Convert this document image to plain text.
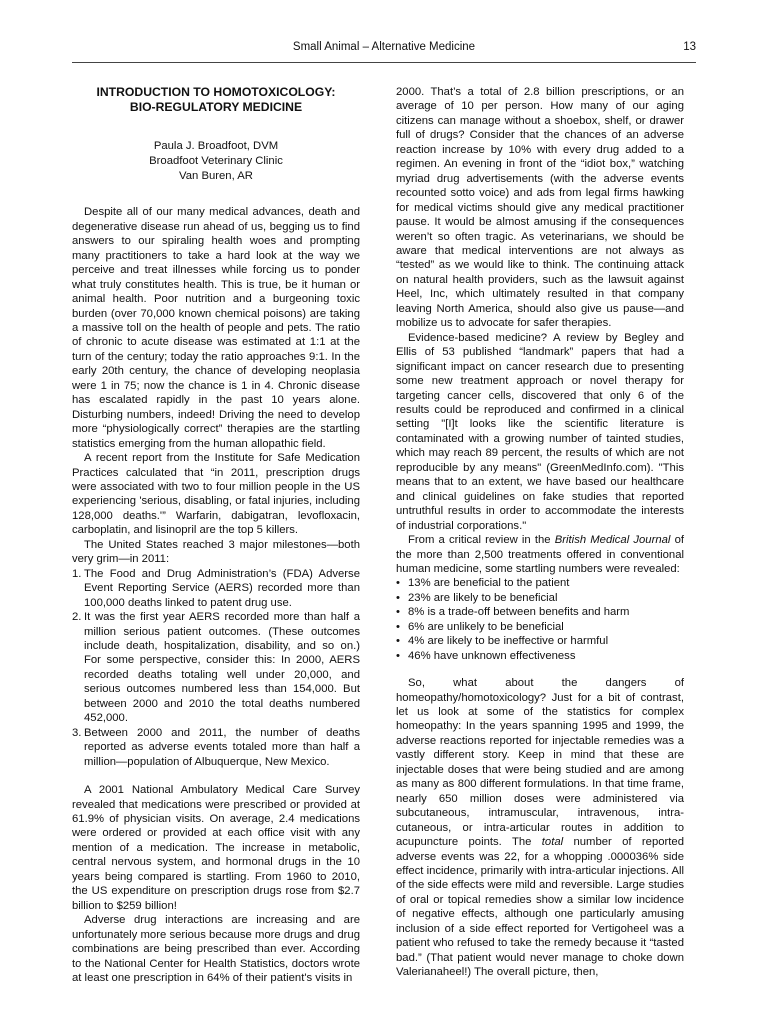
Small Animal – Alternative Medicine	13
INTRODUCTION TO HOMOTOXICOLOGY:
BIO-REGULATORY MEDICINE
Paula J. Broadfoot, DVM
Broadfoot Veterinary Clinic
Van Buren, AR

Despite all of our many medical advances, death and degenerative disease run ahead of us, begging us to find answers to our spiraling health woes and prompting many practitioners to take a hard look at the way we perceive and treat illnesses while forcing us to ponder what truly constitutes health. This is true, be it human or animal health. Poor nutrition and a burgeoning toxic burden (over 70,000 known chemical poisons) are taking a massive toll on the health of people and pets. The ratio of chronic to acute disease was estimated at 1:1 at the turn of the century; today the ratio approaches 9:1. In the early 20th century, the chance of developing neoplasia were 1 in 75; now the chance is 1 in 4. Chronic disease has escalated rapidly in the past 10 years alone. Disturbing numbers, indeed! Driving the need to develop more “physiologically correct” therapies are the startling statistics emerging from the human allopathic field.

A recent report from the Institute for Safe Medication Practices calculated that “in 2011, prescription drugs were associated with two to four million people in the US experiencing 'serious, disabling, or fatal injuries, including 128,000 deaths.'” Warfarin, dabigatran, levofloxacin, carboplatin, and lisinopril are the top 5 killers.

The United States reached 3 major milestones—both very grim—in 2011:

1. The Food and Drug Administration’s (FDA) Adverse Event Reporting Service (AERS) recorded more than 100,000 deaths linked to patent drug use.
2. It was the first year AERS recorded more than half a million serious patient outcomes. (These outcomes include death, hospitalization, disability, and so on.) For some perspective, consider this: In 2000, AERS recorded deaths totaling well under 20,000, and serious outcomes numbered less than 154,000. But between 2000 and 2010 the total deaths numbered 452,000.
3. Between 2000 and 2011, the number of deaths reported as adverse events totaled more than half a million—population of Albuquerque, New Mexico.

A 2001 National Ambulatory Medical Care Survey revealed that medications were prescribed or provided at 61.9% of physician visits. On average, 2.4 medications were ordered or provided at each office visit with any mention of a medication. The increase in metabolic, central nervous system, and hormonal drugs in the 10 years being compared is startling. From 1960 to 2010, the US expenditure on prescription drugs rose from $2.7 billion to $259 billion!

Adverse drug interactions are increasing and are unfortunately more serious because more drugs and drug combinations are being prescribed than ever. According to the National Center for Health Statistics, doctors wrote at least one prescription in 64% of their patient's visits in

2000. That’s a total of 2.8 billion prescriptions, or an average of 10 per person. How many of our aging citizens can manage without a shoebox, shelf, or drawer full of drugs? Consider that the chances of an adverse reaction increase by 10% with every drug added to a regimen. An evening in front of the “idiot box,” watching myriad drug advertisements (with the adverse events recounted sotto voice) and ads from legal firms hawking for medical victims should give any medical practitioner pause. It would be almost amusing if the consequences weren’t so often tragic. As veterinarians, we should be aware that medical interventions are not always as “tested” as we would like to think. The continuing attack on natural health providers, such as the lawsuit against Heel, Inc, which ultimately resulted in that company leaving North America, should also give us pause—and mobilize us to advocate for safer therapies.

Evidence-based medicine? A review by Begley and Ellis of 53 published “landmark” papers that had a significant impact on cancer research due to presenting some new treatment approach or novel therapy for targeting cancer cells, discovered that only 6 of the results could be reproduced and confirmed in a clinical setting "[I]t looks like the scientific literature is contaminated with a growing number of tainted studies, which may reach 89 percent, the results of which are not reproducible by any means" (GreenMedInfo.com). "This means that to an extent, we have based our healthcare and clinical guidelines on fake studies that reported untruthful results in order to accommodate the interests of industrial corporations."

From a critical review in the British Medical Journal of the more than 2,500 treatments offered in conventional human medicine, some startling numbers were revealed:

• 13% are beneficial to the patient
• 23% are likely to be beneficial
• 8% is a trade-off between benefits and harm
• 6% are unlikely to be beneficial
• 4% are likely to be ineffective or harmful
• 46% have unknown effectiveness

So, what about the dangers of homeopathy/homotoxicology? Just for a bit of contrast, let us look at some of the statistics for complex homeopathy: In the years spanning 1995 and 1999, the adverse reactions reported for injectable remedies was a vastly different story. Keep in mind that these are injectable doses that were being studied and are among as many as 800 different formulations. In that time frame, nearly 650 million doses were administered via subcutaneous, intramuscular, intravenous, intra-cutaneous, or intra-articular routes in addition to acupuncture points. The total number of reported adverse events was 22, for a whopping .000036% side effect incidence, primarily with intra-articular injections. All of the side effects were mild and reversible. Large studies of oral or topical remedies show a similar low incidence of negative effects, although one particularly amusing inclusion of a side effect reported for Vertigoheel was a patient who refused to take the remedy because it “tasted bad.” (That patient would never manage to choke down Valerianaheel!) The overall picture, then,
